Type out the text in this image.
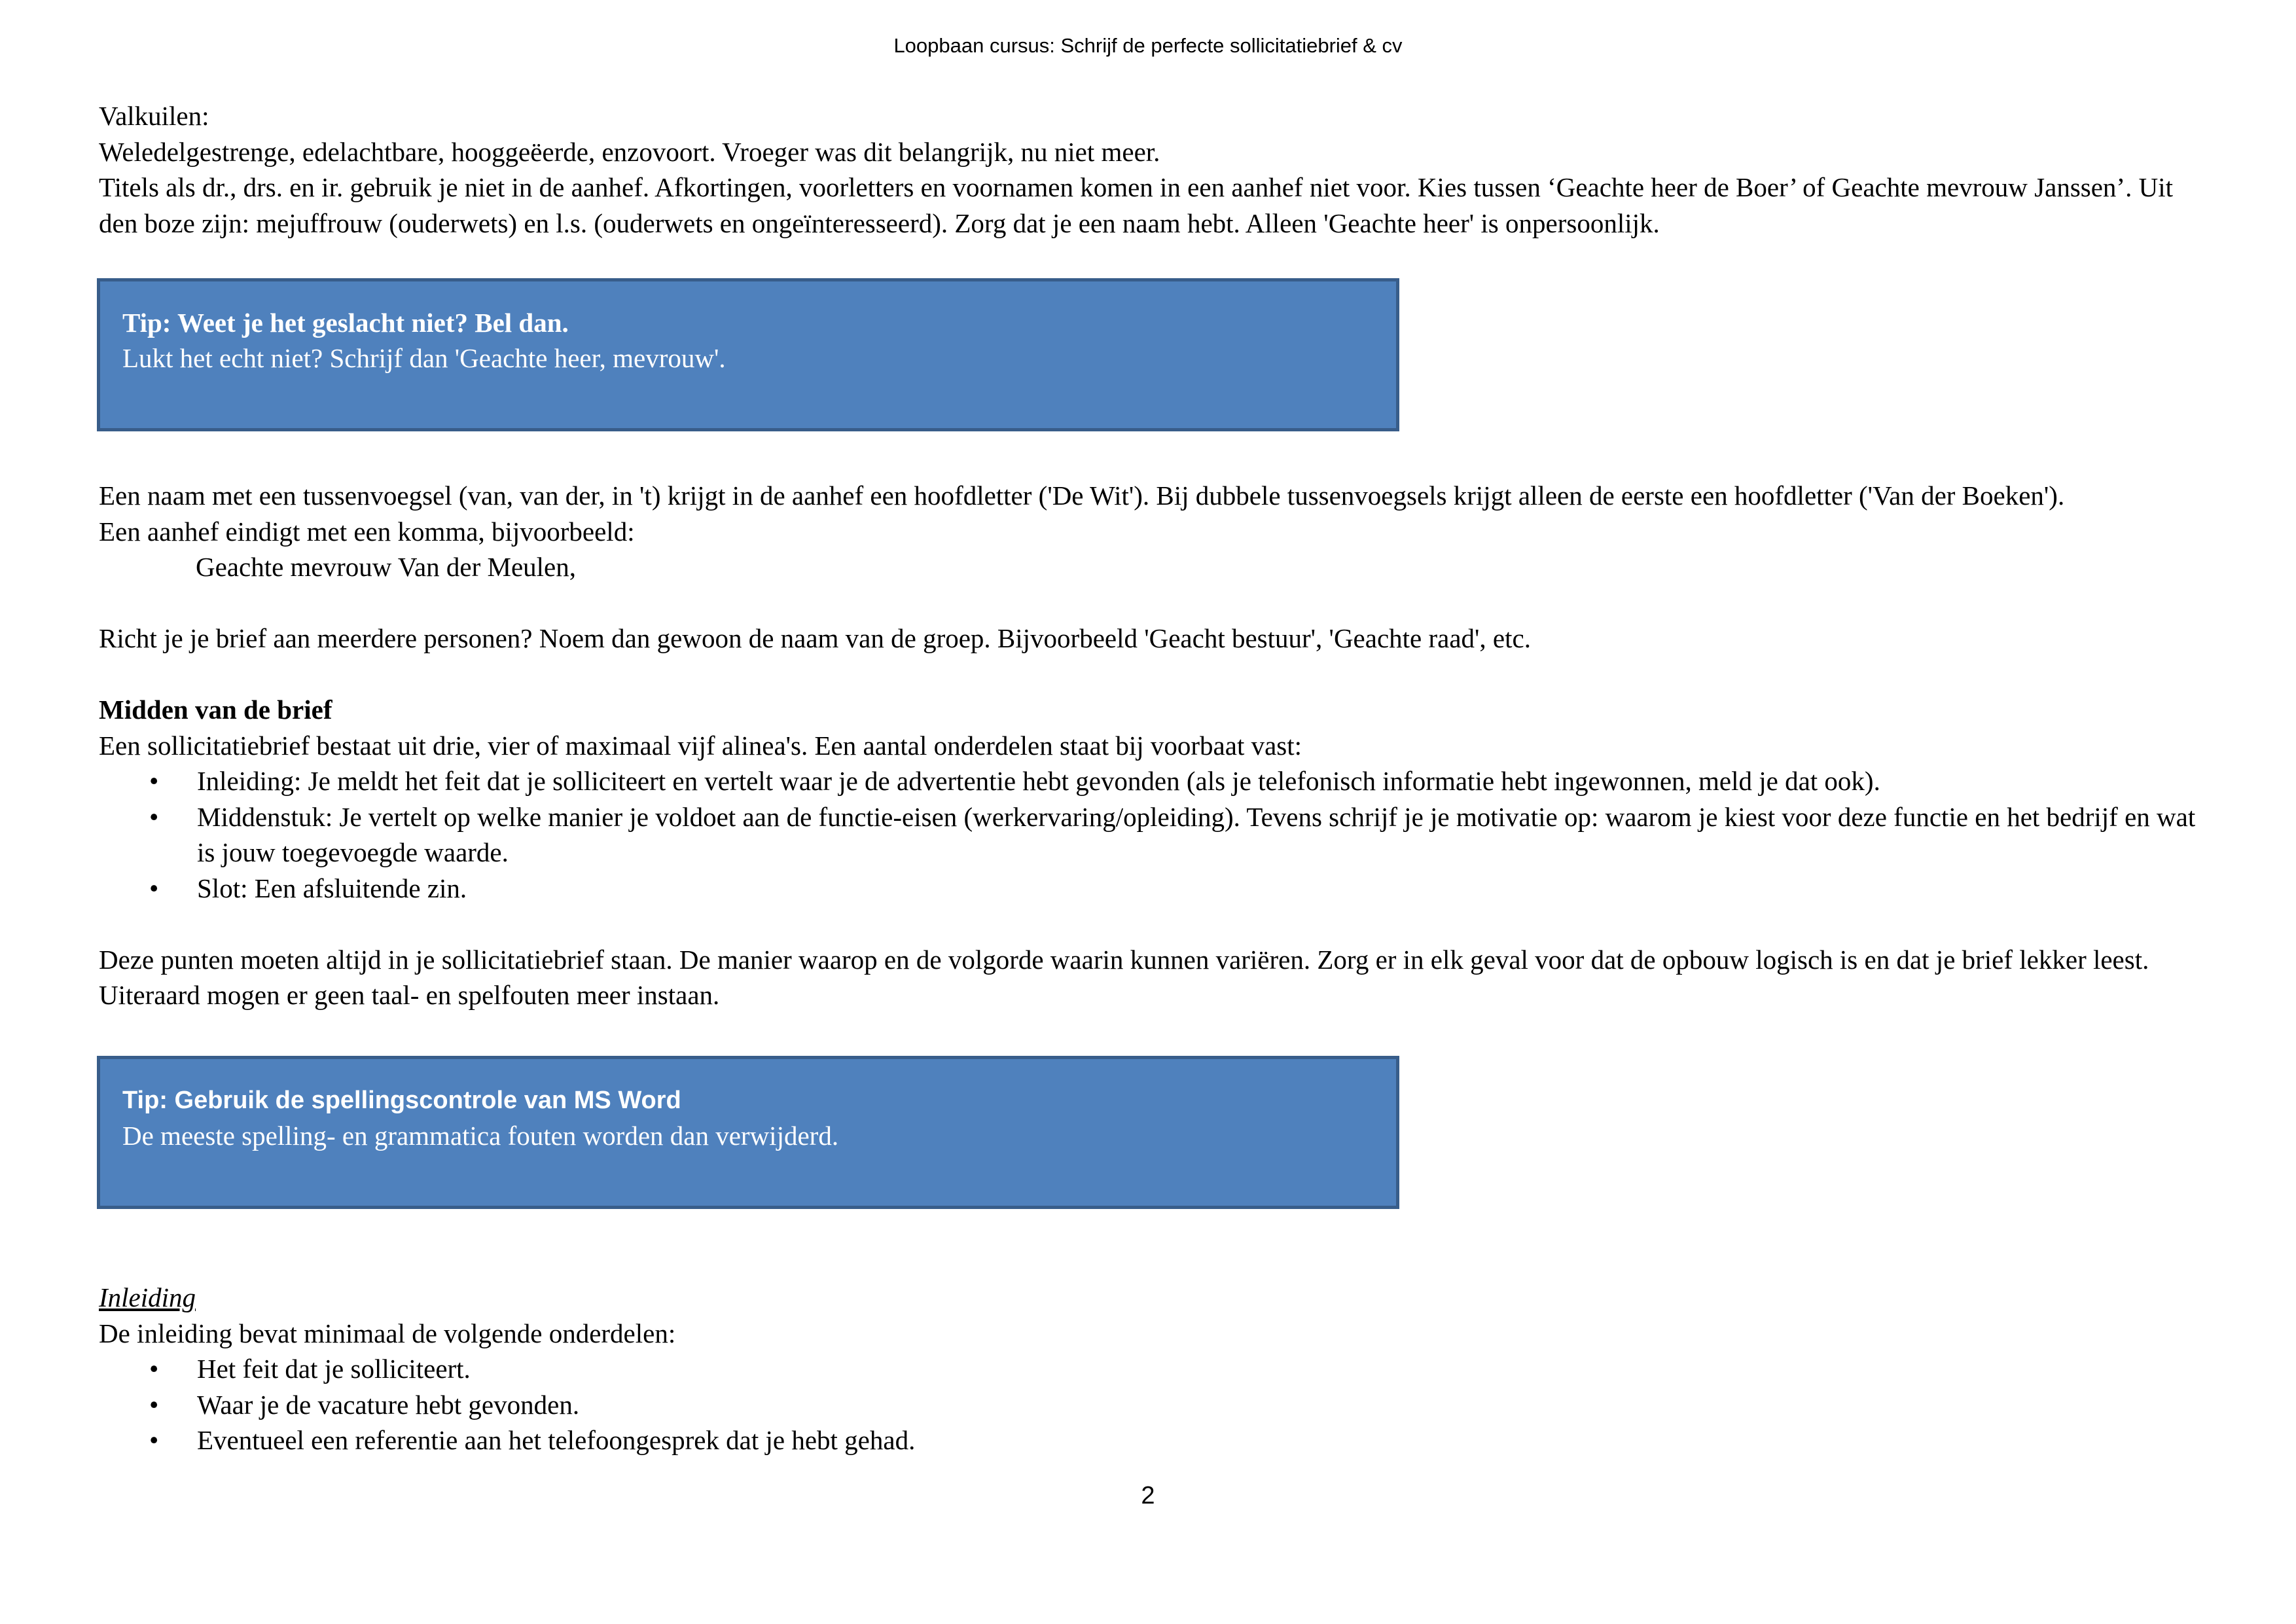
Loopbaan cursus: Schrijf de perfecte sollicitatiebrief & cv

Valkuilen:

Weledelgestrenge, edelachtbare, hooggeëerde, enzovoort. Vroeger was dit belangrijk, nu niet meer.

Titels als dr., drs. en ir. gebruik je niet in de aanhef. Afkortingen, voorletters en voornamen komen in een aanhef niet voor. Kies tussen ‘Geachte heer de Boer’ of Geachte mevrouw Janssen’. Uit den boze zijn: mejuffrouw (ouderwets) en l.s. (ouderwets en ongeïnteresseerd). Zorg dat je een naam hebt. Alleen 'Geachte heer' is onpersoonlijk.

Tip: Weet je het geslacht niet? Bel dan.
Lukt het echt niet? Schrijf dan 'Geachte heer, mevrouw'.

Een naam met een tussenvoegsel (van, van der, in 't) krijgt in de aanhef een hoofdletter ('De Wit'). Bij dubbele tussenvoegsels krijgt alleen de eerste een hoofdletter ('Van der Boeken').

Een aanhef eindigt met een komma, bijvoorbeeld:

Geachte mevrouw Van der Meulen,

Richt je je brief aan meerdere personen? Noem dan gewoon de naam van de groep. Bijvoorbeeld 'Geacht bestuur', 'Geachte raad', etc.

Midden van de brief

Een sollicitatiebrief bestaat uit drie, vier of maximaal vijf alinea's. Een aantal onderdelen staat bij voorbaat vast:

• Inleiding: Je meldt het feit dat je solliciteert en vertelt waar je de advertentie hebt gevonden (als je telefonisch informatie hebt ingewonnen, meld je dat ook).
• Middenstuk: Je vertelt op welke manier je voldoet aan de functie-eisen (werkervaring/opleiding). Tevens schrijf je je motivatie op: waarom je kiest voor deze functie en het bedrijf en wat is jouw toegevoegde waarde.
• Slot: Een afsluitende zin.

Deze punten moeten altijd in je sollicitatiebrief staan. De manier waarop en de volgorde waarin kunnen variëren. Zorg er in elk geval voor dat de opbouw logisch is en dat je brief lekker leest. Uiteraard mogen er geen taal- en spelfouten meer instaan.

Tip: Gebruik de spellingscontrole van MS Word
De meeste spelling- en grammatica fouten worden dan verwijderd.

Inleiding

De inleiding bevat minimaal de volgende onderdelen:

• Het feit dat je solliciteert.
• Waar je de vacature hebt gevonden.
• Eventueel een referentie aan het telefoongesprek dat je hebt gehad.
2
